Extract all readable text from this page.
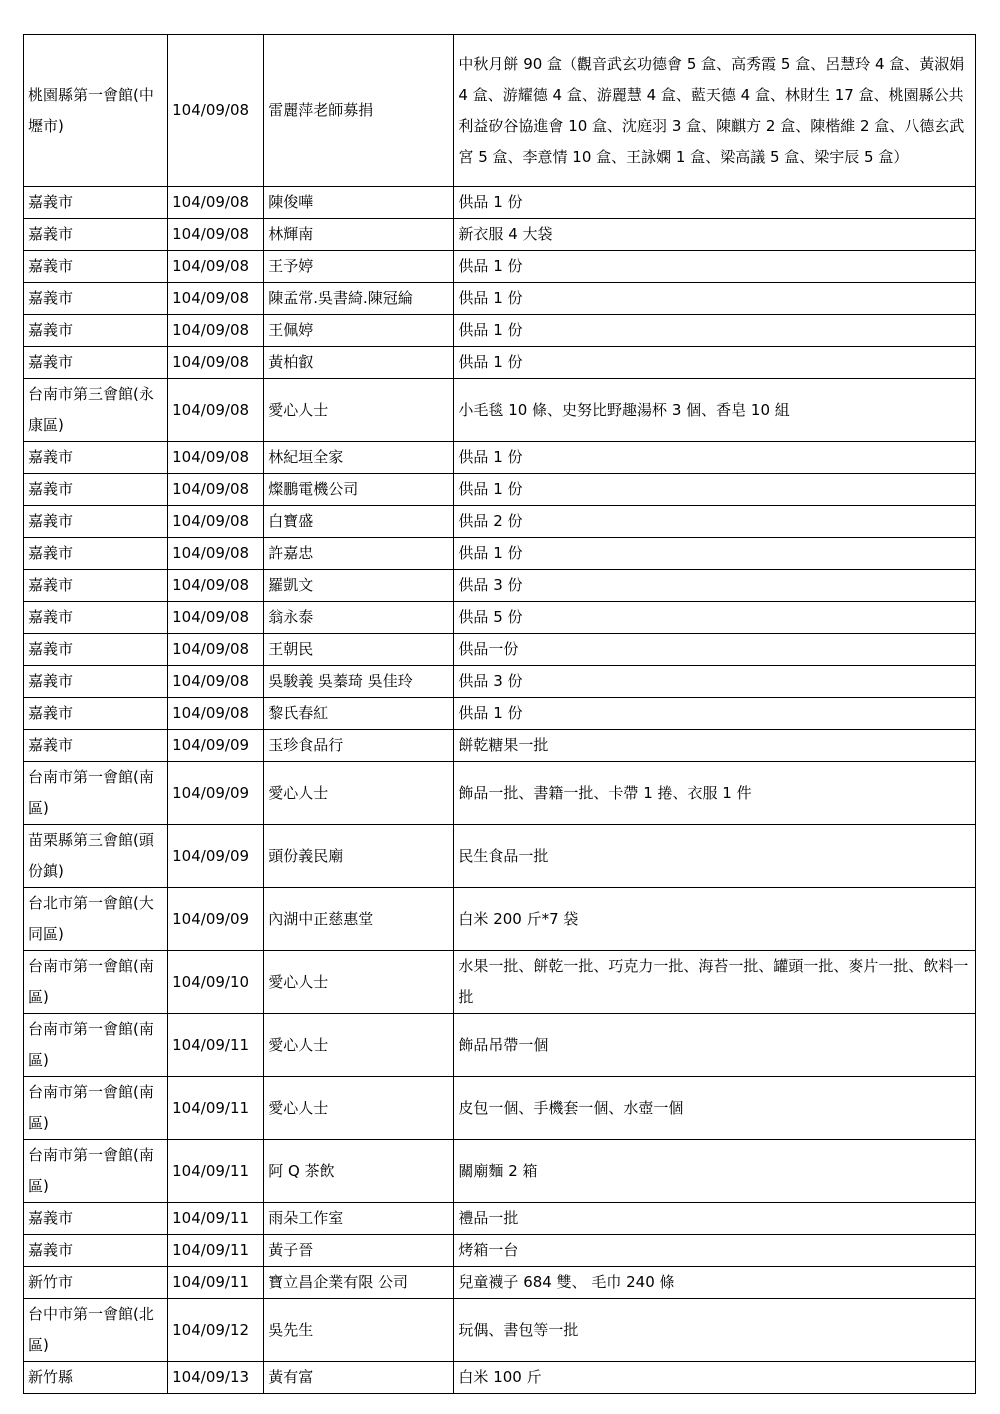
桃園縣第一會館(中壢市)	104/09/08	雷麗萍老師募捐	中秋月餅 90 盒（觀音武玄功德會 5 盒、高秀霞 5 盒、呂慧玲 4 盒、黃淑娟 4 盒、游耀德 4 盒、游麗慧 4 盒、藍天德 4 盒、林財生 17 盒、桃園縣公共利益矽谷協進會 10 盒、沈庭羽 3 盒、陳麒方 2 盒、陳楷維 2 盒、八德玄武宮 5 盒、李意情 10 盒、王詠嫻 1 盒、梁高議 5 盒、梁宇辰 5 盒）
嘉義市	104/09/08	陳俊嘩	供品 1 份
嘉義市	104/09/08	林輝南	新衣服 4 大袋
嘉義市	104/09/08	王予婷	供品 1 份
嘉義市	104/09/08	陳孟常.吳書綺.陳冠綸	供品 1 份
嘉義市	104/09/08	王佩婷	供品 1 份
嘉義市	104/09/08	黃柏叡	供品 1 份
台南市第三會館(永康區)	104/09/08	愛心人士	小毛毯 10 條、史努比野趣湯杯 3 個、香皂 10 組
嘉義市	104/09/08	林紀垣全家	供品 1 份
嘉義市	104/09/08	燦鵬電機公司	供品 1 份
嘉義市	104/09/08	白寶盛	供品 2 份
嘉義市	104/09/08	許嘉忠	供品 1 份
嘉義市	104/09/08	羅凱文	供品 3 份
嘉義市	104/09/08	翁永泰	供品 5 份
嘉義市	104/09/08	王朝民	供品一份
嘉義市	104/09/08	吳駿義 吳蓁琦 吳佳玲	供品 3 份
嘉義市	104/09/08	黎氏春紅	供品 1 份
嘉義市	104/09/09	玉珍食品行	餅乾糖果一批
台南市第一會館(南區)	104/09/09	愛心人士	飾品一批、書籍一批、卡帶 1 捲、衣服 1 件
苗栗縣第三會館(頭份鎮)	104/09/09	頭份義民廟	民生食品一批
台北市第一會館(大同區)	104/09/09	內湖中正慈惠堂	白米 200 斤*7 袋
台南市第一會館(南區)	104/09/10	愛心人士	水果一批、餅乾一批、巧克力一批、海苔一批、罐頭一批、麥片一批、飲料一批
台南市第一會館(南區)	104/09/11	愛心人士	飾品吊帶一個
台南市第一會館(南區)	104/09/11	愛心人士	皮包一個、手機套一個、水壺一個
台南市第一會館(南區)	104/09/11	阿 Q 茶飲	關廟麵 2 箱
嘉義市	104/09/11	雨朵工作室	禮品一批
嘉義市	104/09/11	黃子晉	烤箱一台
新竹市	104/09/11	寶立昌企業有限 公司	兒童襪子 684 雙、 毛巾 240 條
台中市第一會館(北區)	104/09/12	吳先生	玩偶、書包等一批
新竹縣	104/09/13	黃有富	白米 100 斤
